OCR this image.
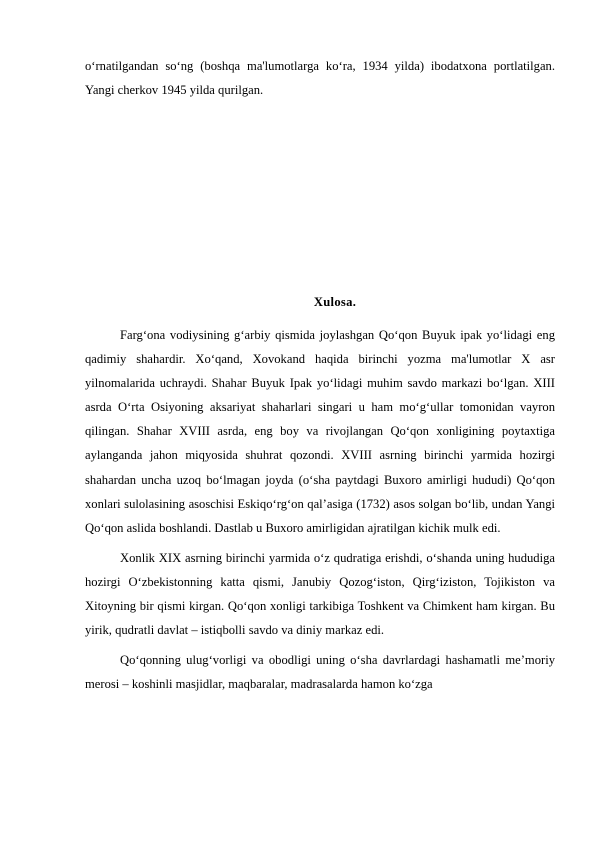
o‘rnatilgandan so‘ng (boshqa ma'lumotlarga ko‘ra, 1934 yilda) ibodatxona portlatilgan. Yangi cherkov 1945 yilda qurilgan.

Xulosa.

Farg‘ona vodiysining g‘arbiy qismida joylashgan Qo‘qon Buyuk ipak yo‘lidagi eng qadimiy shahardir. Xo‘qand, Xovokand haqida birinchi yozma ma'lumotlar X asr yilnomalarida uchraydi. Shahar Buyuk Ipak yo‘lidagi muhim savdo markazi bo‘lgan. XIII asrda O‘rta Osiyoning aksariyat shaharlari singari u ham mo‘g‘ullar tomonidan vayron qilingan. Shahar XVIII asrda, eng boy va rivojlangan Qo‘qon xonligining poytaxtiga aylanganda jahon miqyosida shuhrat qozondi. XVIII asrning birinchi yarmida hozirgi shahardan uncha uzoq bo‘lmagan joyda (o‘sha paytdagi Buxoro amirligi hududi) Qo‘qon xonlari sulolasining asoschisi Eskiqo‘rg‘on qal’asiga (1732) asos solgan bo‘lib, undan Yangi Qo‘qon aslida boshlandi. Dastlab u Buxoro amirligidan ajratilgan kichik mulk edi.

Xonlik XIX asrning birinchi yarmida o‘z qudratiga erishdi, o‘shanda uning hududiga hozirgi O‘zbekistonning katta qismi, Janubiy Qozog‘iston, Qirg‘iziston, Tojikiston va Xitoyning bir qismi kirgan. Qo‘qon xonligi tarkibiga Toshkent va Chimkent ham kirgan. Bu yirik, qudratli davlat – istiqbolli savdo va diniy markaz edi.

Qo‘qonning ulug‘vorligi va obodligi uning o‘sha davrlardagi hashamatli me’moriy merosi – koshinli masjidlar, maqbaralar, madrasalarda hamon ko‘zga
